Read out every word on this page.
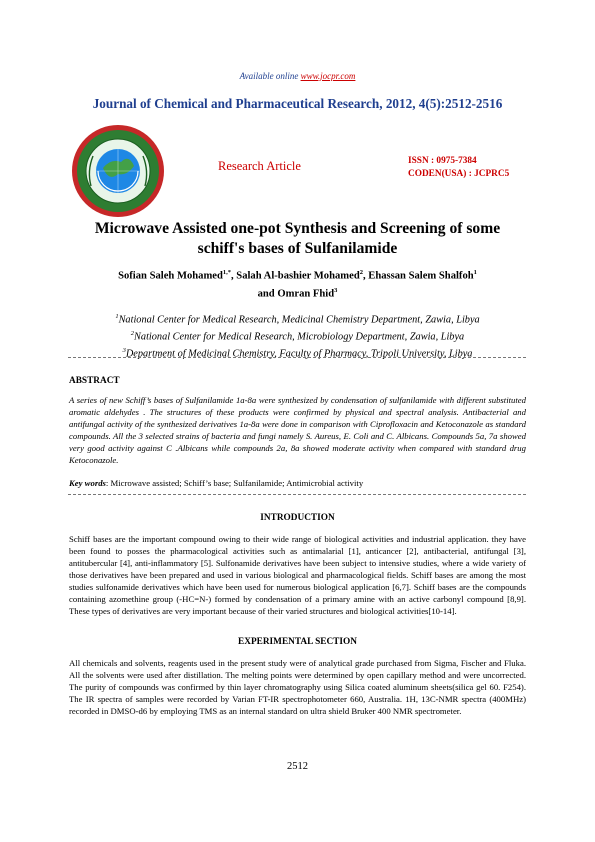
Available online www.jocpr.com
Journal of Chemical and Pharmaceutical Research, 2012, 4(5):2512-2516
Research Article	ISSN : 0975-7384
CODEN(USA) : JCPRC5
Microwave Assisted one-pot Synthesis and Screening of some
schiff's bases of Sulfanilamide
Sofian Saleh Mohamed$^{1,*}$, Salah Al-bashier Mohamed$^2$, Ehassan Salem Shalfoh$^1$
and Omran Fhid$^3$
$^1$National Center for Medical Research, Medicinal Chemistry Department, Zawia, Libya
$^2$National Center for Medical Research, Microbiology Department, Zawia, Libya
$^3$Department of Medicinal Chemistry, Faculty of Pharmacy, Tripoli University, Libya
ABSTRACT
A series of new Schiff’s bases of Sulfanilamide 1a-8a were synthesized by condensation of sulfanilamide with different substituted aromatic aldehydes . The structures of these products were confirmed by physical and spectral analysis. Antibacterial and antifungal activity of the synthesized derivatives 1a-8a were done in comparison with Ciprofloxacin and Ketoconazole as standard compounds. All the 3 selected strains of bacteria and fungi namely S. Aureus, E. Coli and C. Albicans. Compounds 5a, 7a showed very good activity against C .Albicans while compounds 2a, 8a showed moderate activity when compared with standard drug Ketoconazole.
Key words: Microwave assisted; Schiff’s base; Sulfanilamide; Antimicrobial activity
INTRODUCTION
Schiff bases are the important compound owing to their wide range of biological activities and industrial application. they have been found to posses the pharmacological activities such as antimalarial [1], anticancer [2], antibacterial, antifungal [3], antitubercular [4], anti-inflammatory [5]. Sulfonamide derivatives have been subject to intensive studies, where a wide variety of those derivatives have been prepared and used in various biological and pharmacological fields. Schiff bases are among the most studies sulfonamide derivatives which have been used for numerous biological application [6,7]. Schiff bases are the compounds containing azomethine group (-HC=N-) formed by condensation of a primary amine with an active carbonyl compound [8,9]. These types of derivatives are very important because of their varied structures and biological activities[10-14].
EXPERIMENTAL SECTION
All chemicals and solvents, reagents used in the present study were of analytical grade purchased from Sigma, Fischer and Fluka. All the solvents were used after distillation. The melting points were determined by open capillary method and were uncorrected. The purity of compounds was confirmed by thin layer chromatography using Silica coated aluminum sheets(silica gel 60. F254). The IR spectra of samples were recorded by Varian FT-IR spectrophotometer 660, Australia. 1H, 13C-NMR spectra (400MHz) recorded in DMSO-d6 by employing TMS as an internal standard on ultra shield Bruker 400 NMR spectrometer.
2512
